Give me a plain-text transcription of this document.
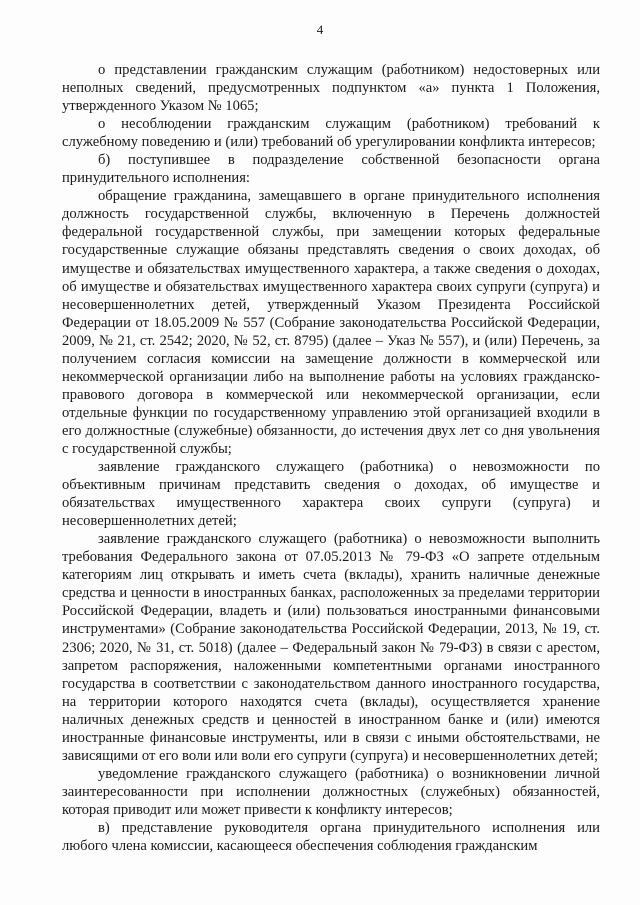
4

о представлении гражданским служащим (работником) недостоверных или неполных сведений, предусмотренных подпунктом «а» пункта 1 Положения, утвержденного Указом № 1065;

о несоблюдении гражданским служащим (работником) требований к служебному поведению и (или) требований об урегулировании конфликта интересов;

б) поступившее в подразделение собственной безопасности органа принудительного исполнения:

обращение гражданина, замещавшего в органе принудительного исполнения должность государственной службы, включенную в Перечень должностей федеральной государственной службы, при замещении которых федеральные государственные служащие обязаны представлять сведения о своих доходах, об имуществе и обязательствах имущественного характера, а также сведения о доходах, об имуществе и обязательствах имущественного характера своих супруги (супруга) и несовершеннолетних детей, утвержденный Указом Президента Российской Федерации от 18.05.2009 № 557 (Собрание законодательства Российской Федерации, 2009, № 21, ст. 2542; 2020, № 52, ст. 8795) (далее – Указ № 557), и (или) Перечень, за получением согласия комиссии на замещение должности в коммерческой или некоммерческой организации либо на выполнение работы на условиях гражданско-правового договора в коммерческой или некоммерческой организации, если отдельные функции по государственному управлению этой организацией входили в его должностные (служебные) обязанности, до истечения двух лет со дня увольнения с государственной службы;

заявление гражданского служащего (работника) о невозможности по объективным причинам представить сведения о доходах, об имуществе и обязательствах имущественного характера своих супруги (супруга) и несовершеннолетних детей;

заявление гражданского служащего (работника) о невозможности выполнить требования Федерального закона от 07.05.2013 № 79-ФЗ «О запрете отдельным категориям лиц открывать и иметь счета (вклады), хранить наличные денежные средства и ценности в иностранных банках, расположенных за пределами территории Российской Федерации, владеть и (или) пользоваться иностранными финансовыми инструментами» (Собрание законодательства Российской Федерации, 2013, № 19, ст. 2306; 2020, № 31, ст. 5018) (далее – Федеральный закон № 79-ФЗ) в связи с арестом, запретом распоряжения, наложенными компетентными органами иностранного государства в соответствии с законодательством данного иностранного государства, на территории которого находятся счета (вклады), осуществляется хранение наличных денежных средств и ценностей в иностранном банке и (или) имеются иностранные финансовые инструменты, или в связи с иными обстоятельствами, не зависящими от его воли или воли его супруги (супруга) и несовершеннолетних детей;

уведомление гражданского служащего (работника) о возникновении личной заинтересованности при исполнении должностных (служебных) обязанностей, которая приводит или может привести к конфликту интересов;

в) представление руководителя органа принудительного исполнения или любого члена комиссии, касающееся обеспечения соблюдения гражданским
